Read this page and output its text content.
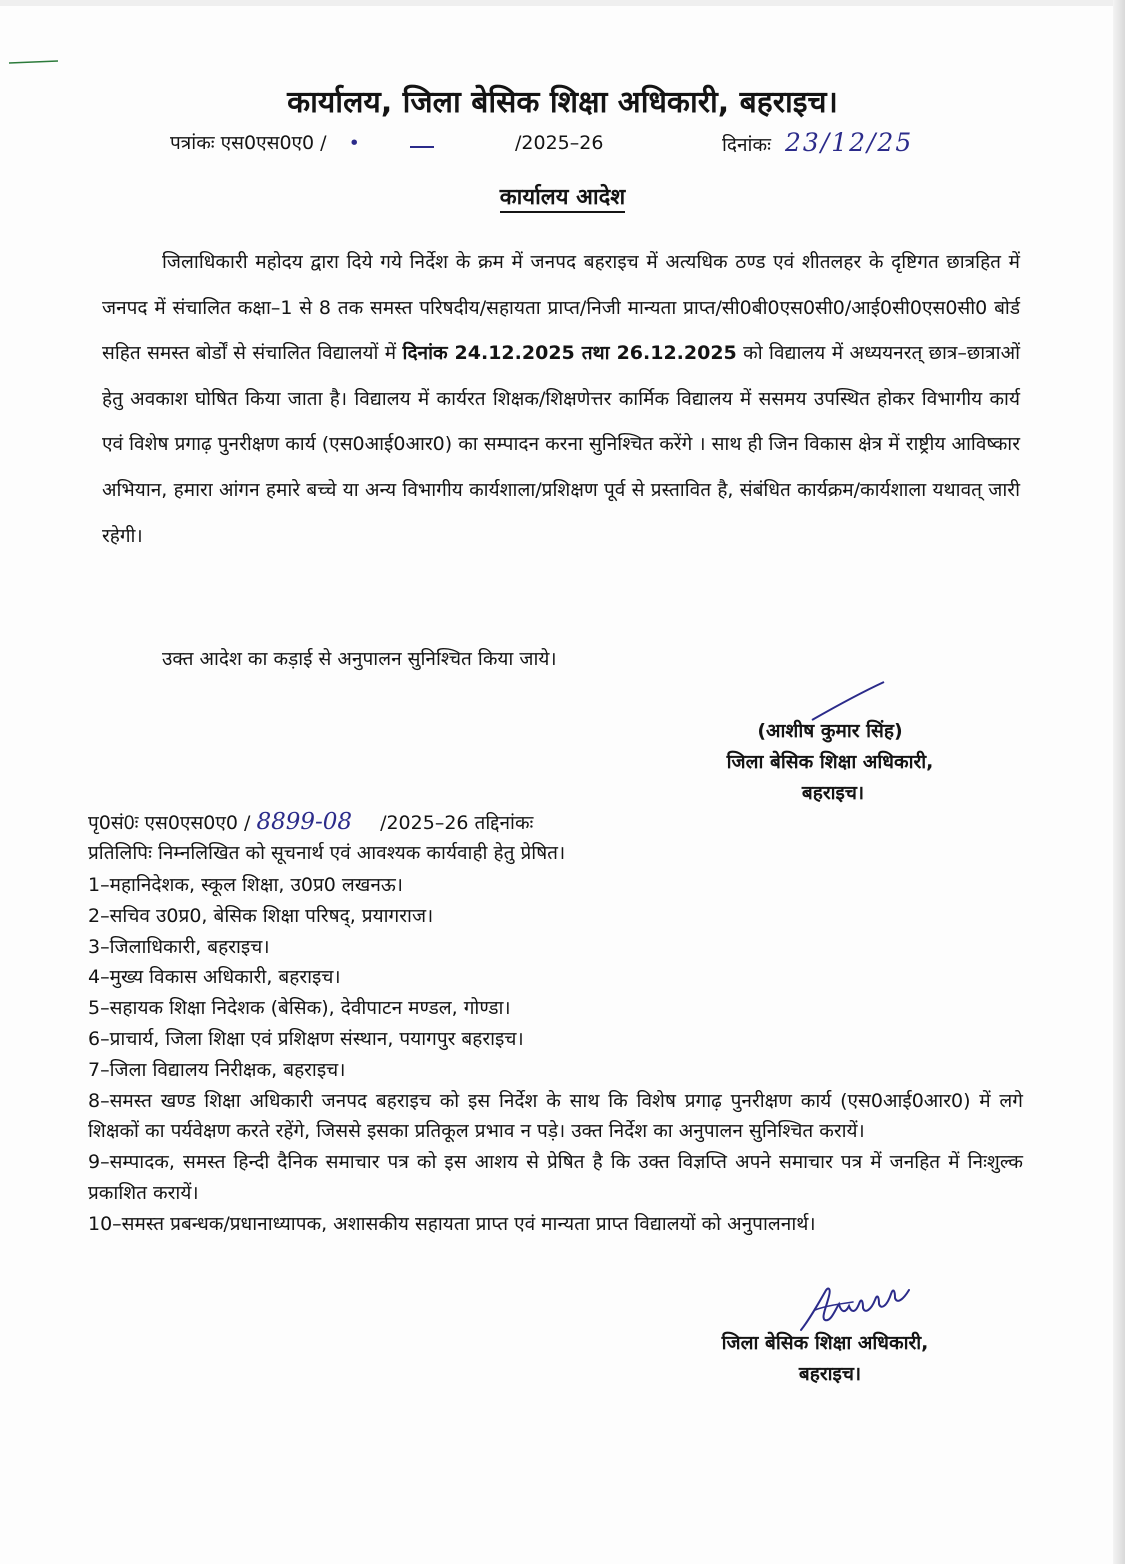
कार्यालय, जिला बेसिक शिक्षा अधिकारी, बहराइच।
पत्रांकः एस0एस0ए0 / •	/2025–26	दिनांकः 23/12/25
कार्यालय आदेश

जिलाधिकारी महोदय द्वारा दिये गये निर्देश के क्रम में जनपद बहराइच में अत्यधिक ठण्ड एवं शीतलहर के दृष्टिगत छात्रहित में जनपद में संचालित कक्षा–1 से 8 तक समस्त परिषदीय/सहायता प्राप्त/निजी मान्यता प्राप्त/सी0बी0एस0सी0/आई0सी0एस0सी0 बोर्ड सहित समस्त बोर्डों से संचालित विद्यालयों में दिनांक 24.12.2025 तथा 26.12.2025 को विद्यालय में अध्ययनरत् छात्र–छात्राओं हेतु अवकाश घोषित किया जाता है। विद्यालय में कार्यरत शिक्षक/शिक्षणेत्तर कार्मिक विद्यालय में ससमय उपस्थित होकर विभागीय कार्य एवं विशेष प्रगाढ़ पुनरीक्षण कार्य (एस0आई0आर0) का सम्पादन करना सुनिश्चित करेंगे । साथ ही जिन विकास क्षेत्र में राष्ट्रीय आविष्कार अभियान, हमारा आंगन हमारे बच्चे या अन्य विभागीय कार्यशाला/प्रशिक्षण पूर्व से प्रस्तावित है, संबंधित कार्यक्रम/कार्यशाला यथावत् जारी रहेगी।

उक्त आदेश का कड़ाई से अनुपालन सुनिश्चित किया जाये।
(आशीष कुमार सिंह)
जिला बेसिक शिक्षा अधिकारी,
बहराइच।
पृ0सं0ः एस0एस0ए0 / 8899-08 /2025–26 तद्दिनांकः
प्रतिलिपिः निम्नलिखित को सूचनार्थ एवं आवश्यक कार्यवाही हेतु प्रेषित।
1–महानिदेशक, स्कूल शिक्षा, उ0प्र0 लखनऊ।
2–सचिव उ0प्र0, बेसिक शिक्षा परिषद्, प्रयागराज।
3–जिलाधिकारी, बहराइच।
4–मुख्य विकास अधिकारी, बहराइच।
5–सहायक शिक्षा निदेशक (बेसिक), देवीपाटन मण्डल, गोण्डा।
6–प्राचार्य, जिला शिक्षा एवं प्रशिक्षण संस्थान, पयागपुर बहराइच।
7–जिला विद्यालय निरीक्षक, बहराइच।
8–समस्त खण्ड शिक्षा अधिकारी जनपद बहराइच को इस निर्देश के साथ कि विशेष प्रगाढ़ पुनरीक्षण कार्य (एस0आई0आर0) में लगे शिक्षकों का पर्यवेक्षण करते रहेंगे, जिससे इसका प्रतिकूल प्रभाव न पड़े। उक्त निर्देश का अनुपालन सुनिश्चित करायें।
9–सम्पादक, समस्त हिन्दी दैनिक समाचार पत्र को इस आशय से प्रेषित है कि उक्त विज्ञप्ति अपने समाचार पत्र में जनहित में निःशुल्क प्रकाशित करायें।
10–समस्त प्रबन्धक/प्रधानाध्यापक, अशासकीय सहायता प्राप्त एवं मान्यता प्राप्त विद्यालयों को अनुपालनार्थ।
जिला बेसिक शिक्षा अधिकारी,
बहराइच।
